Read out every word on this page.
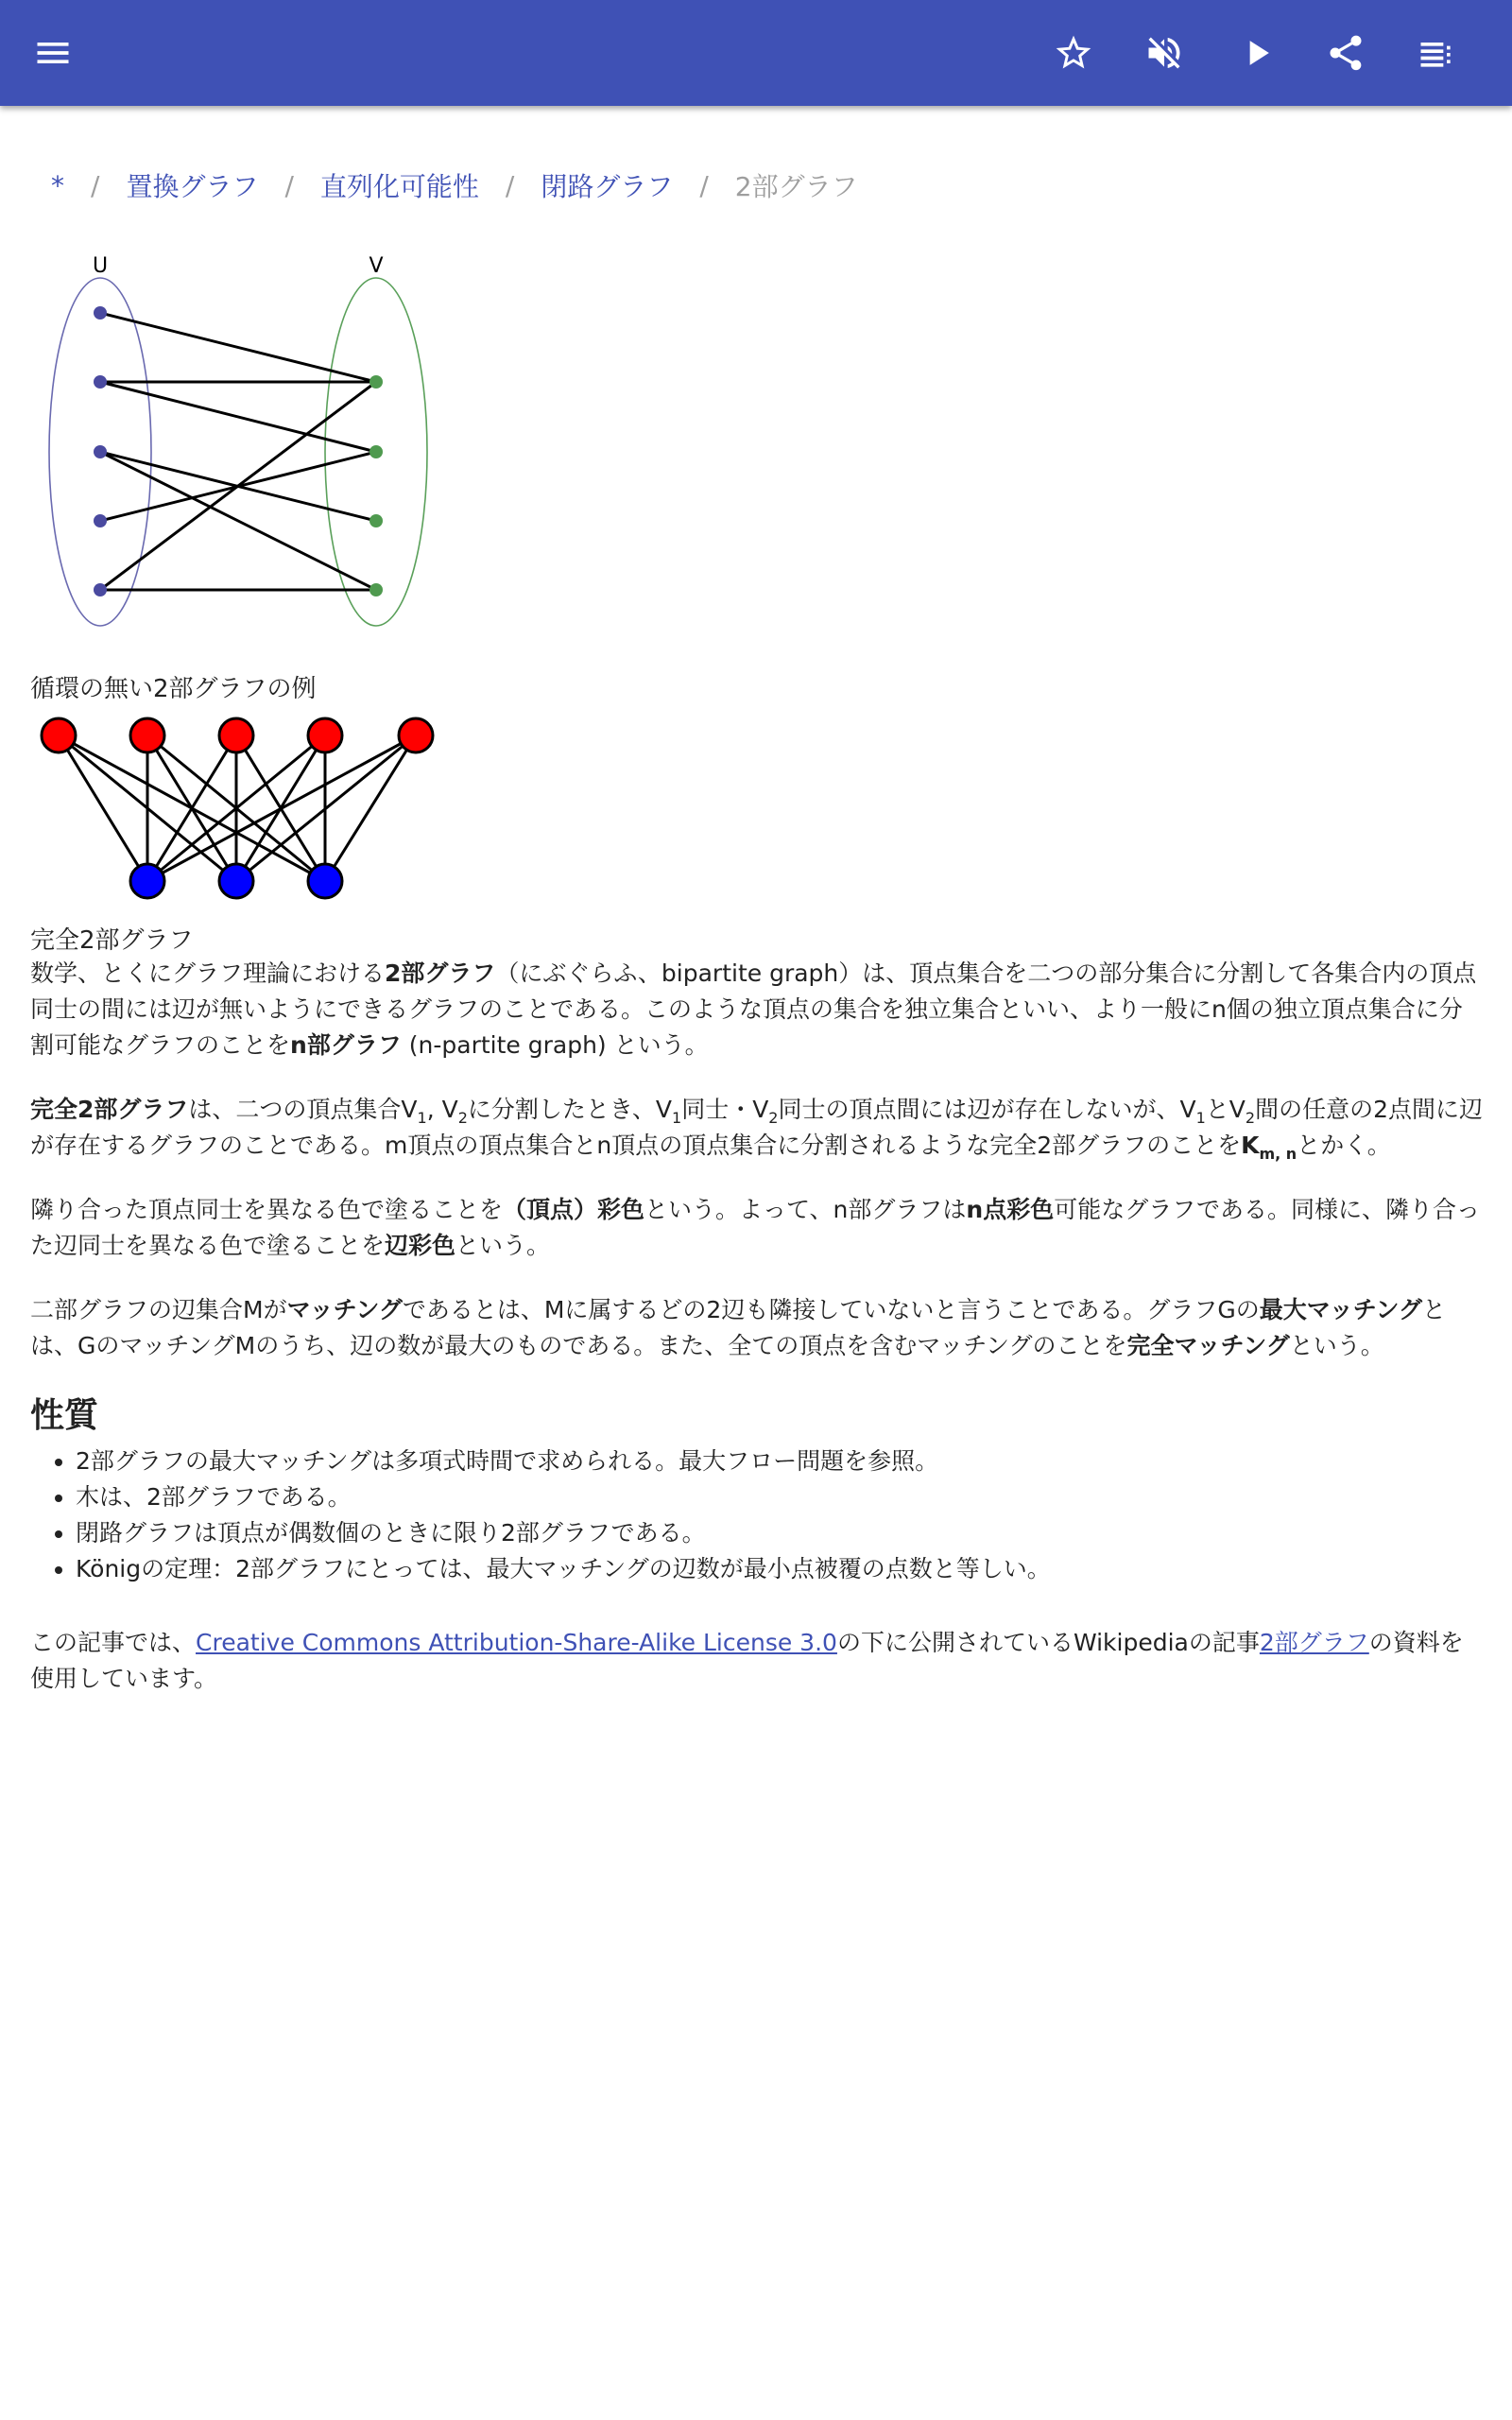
* / 置換グラフ / 直列化可能性 / 閉路グラフ / 2部グラフ
U	V
循環の無い2部グラフの例
完全2部グラフ

数学、とくにグラフ理論における2部グラフ（にぶぐらふ、bipartite graph）は、頂点集合を二つの部分集合に分割して各集合内の頂点同士の間には辺が無いようにできるグラフのことである。このような頂点の集合を独立集合といい、より一般にn個の独立頂点集合に分割可能なグラフのことをn部グラフ (n-partite graph) という。

完全2部グラフは、二つの頂点集合$V_1$, $V_2$に分割したとき、$V_1$同士・$V_2$同士の頂点間には辺が存在しないが、$V_1$と$V_2$間の任意の2点間に辺が存在するグラフのことである。m頂点の頂点集合とn頂点の頂点集合に分割されるような完全2部グラフのことを$K_{m, n}$とかく。

隣り合った頂点同士を異なる色で塗ることを（頂点）彩色という。よって、n部グラフはn点彩色可能なグラフである。同様に、隣り合った辺同士を異なる色で塗ることを辺彩色という。

二部グラフの辺集合Mがマッチングであるとは、Mに属するどの2辺も隣接していないと言うことである。グラフGの最大マッチングとは、GのマッチングMのうち、辺の数が最大のものである。また、全ての頂点を含むマッチングのことを完全マッチングという。

性質
• 2部グラフの最大マッチングは多項式時間で求められる。最大フロー問題を参照。
• 木は、2部グラフである。
• 閉路グラフは頂点が偶数個のときに限り2部グラフである。
• Königの定理：2部グラフにとっては、最大マッチングの辺数が最小点被覆の点数と等しい。

この記事では、Creative Commons Attribution-Share-Alike License 3.0の下に公開されているWikipediaの記事2部グラフの資料を使用しています。
